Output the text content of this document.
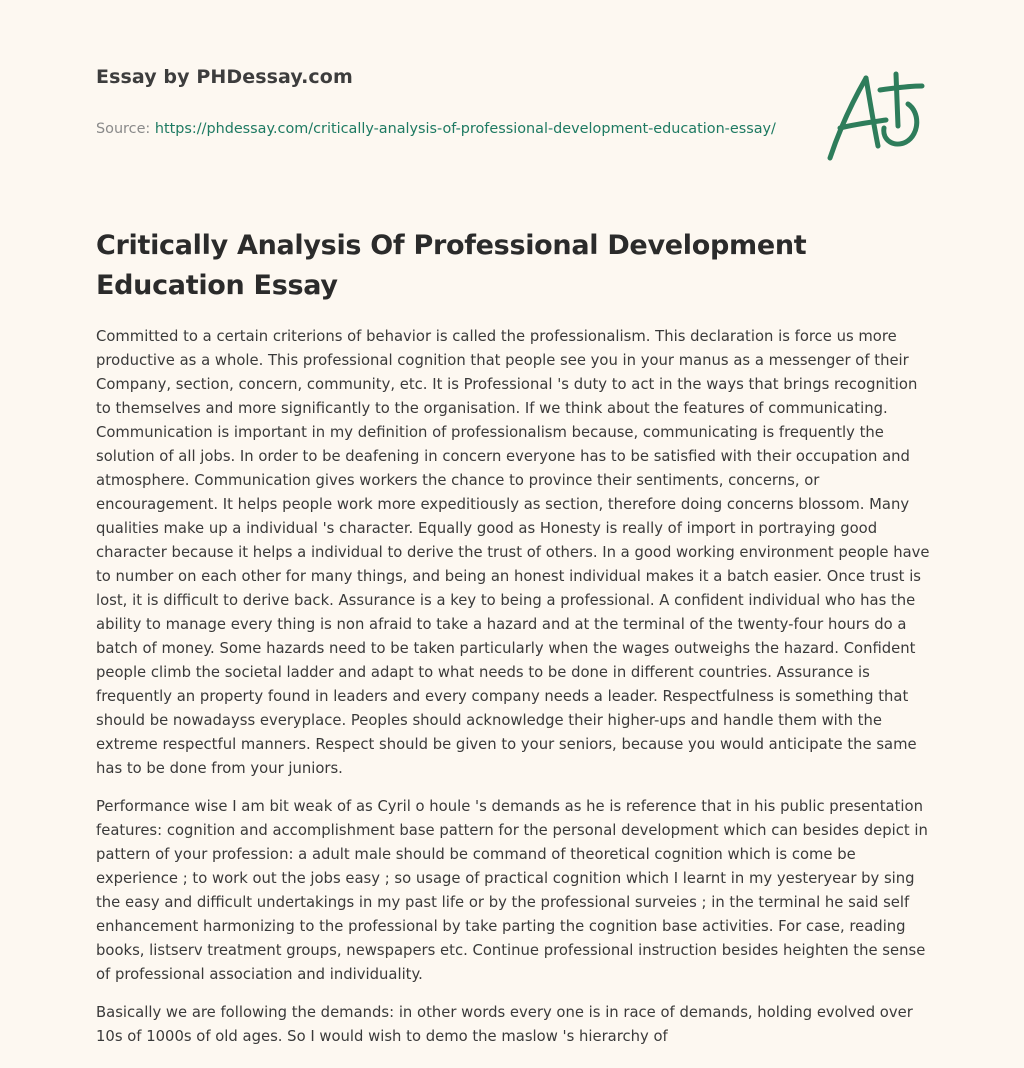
Essay by PHDessay.com
Source: https://phdessay.com/critically-analysis-of-professional-development-education-essay/
Critically Analysis Of Professional Development Education Essay

Committed to a certain criterions of behavior is called the professionalism. This declaration is force us more productive as a whole. This professional cognition that people see you in your manus as a messenger of their Company, section, concern, community, etc. It is Professional 's duty to act in the ways that brings recognition to themselves and more significantly to the organisation. If we think about the features of communicating. Communication is important in my definition of professionalism because, communicating is frequently the solution of all jobs. In order to be deafening in concern everyone has to be satisfied with their occupation and atmosphere. Communication gives workers the chance to province their sentiments, concerns, or encouragement. It helps people work more expeditiously as section, therefore doing concerns blossom. Many qualities make up a individual 's character. Equally good as Honesty is really of import in portraying good character because it helps a individual to derive the trust of others. In a good working environment people have to number on each other for many things, and being an honest individual makes it a batch easier. Once trust is lost, it is difficult to derive back. Assurance is a key to being a professional. A confident individual who has the ability to manage every thing is non afraid to take a hazard and at the terminal of the twenty-four hours do a batch of money. Some hazards need to be taken particularly when the wages outweighs the hazard. Confident people climb the societal ladder and adapt to what needs to be done in different countries. Assurance is frequently an property found in leaders and every company needs a leader. Respectfulness is something that should be nowadayss everyplace. Peoples should acknowledge their higher-ups and handle them with the extreme respectful manners. Respect should be given to your seniors, because you would anticipate the same has to be done from your juniors.

Performance wise I am bit weak of as Cyril o houle 's demands as he is reference that in his public presentation features: cognition and accomplishment base pattern for the personal development which can besides depict in pattern of your profession: a adult male should be command of theoretical cognition which is come be experience ; to work out the jobs easy ; so usage of practical cognition which I learnt in my yesteryear by sing the easy and difficult undertakings in my past life or by the professional surveies ; in the terminal he said self enhancement harmonizing to the professional by take parting the cognition base activities. For case, reading books, listserv treatment groups, newspapers etc. Continue professional instruction besides heighten the sense of professional association and individuality.

Basically we are following the demands: in other words every one is in race of demands, holding evolved over 10s of 1000s of old ages. So I would wish to demo the maslow 's hierarchy of
